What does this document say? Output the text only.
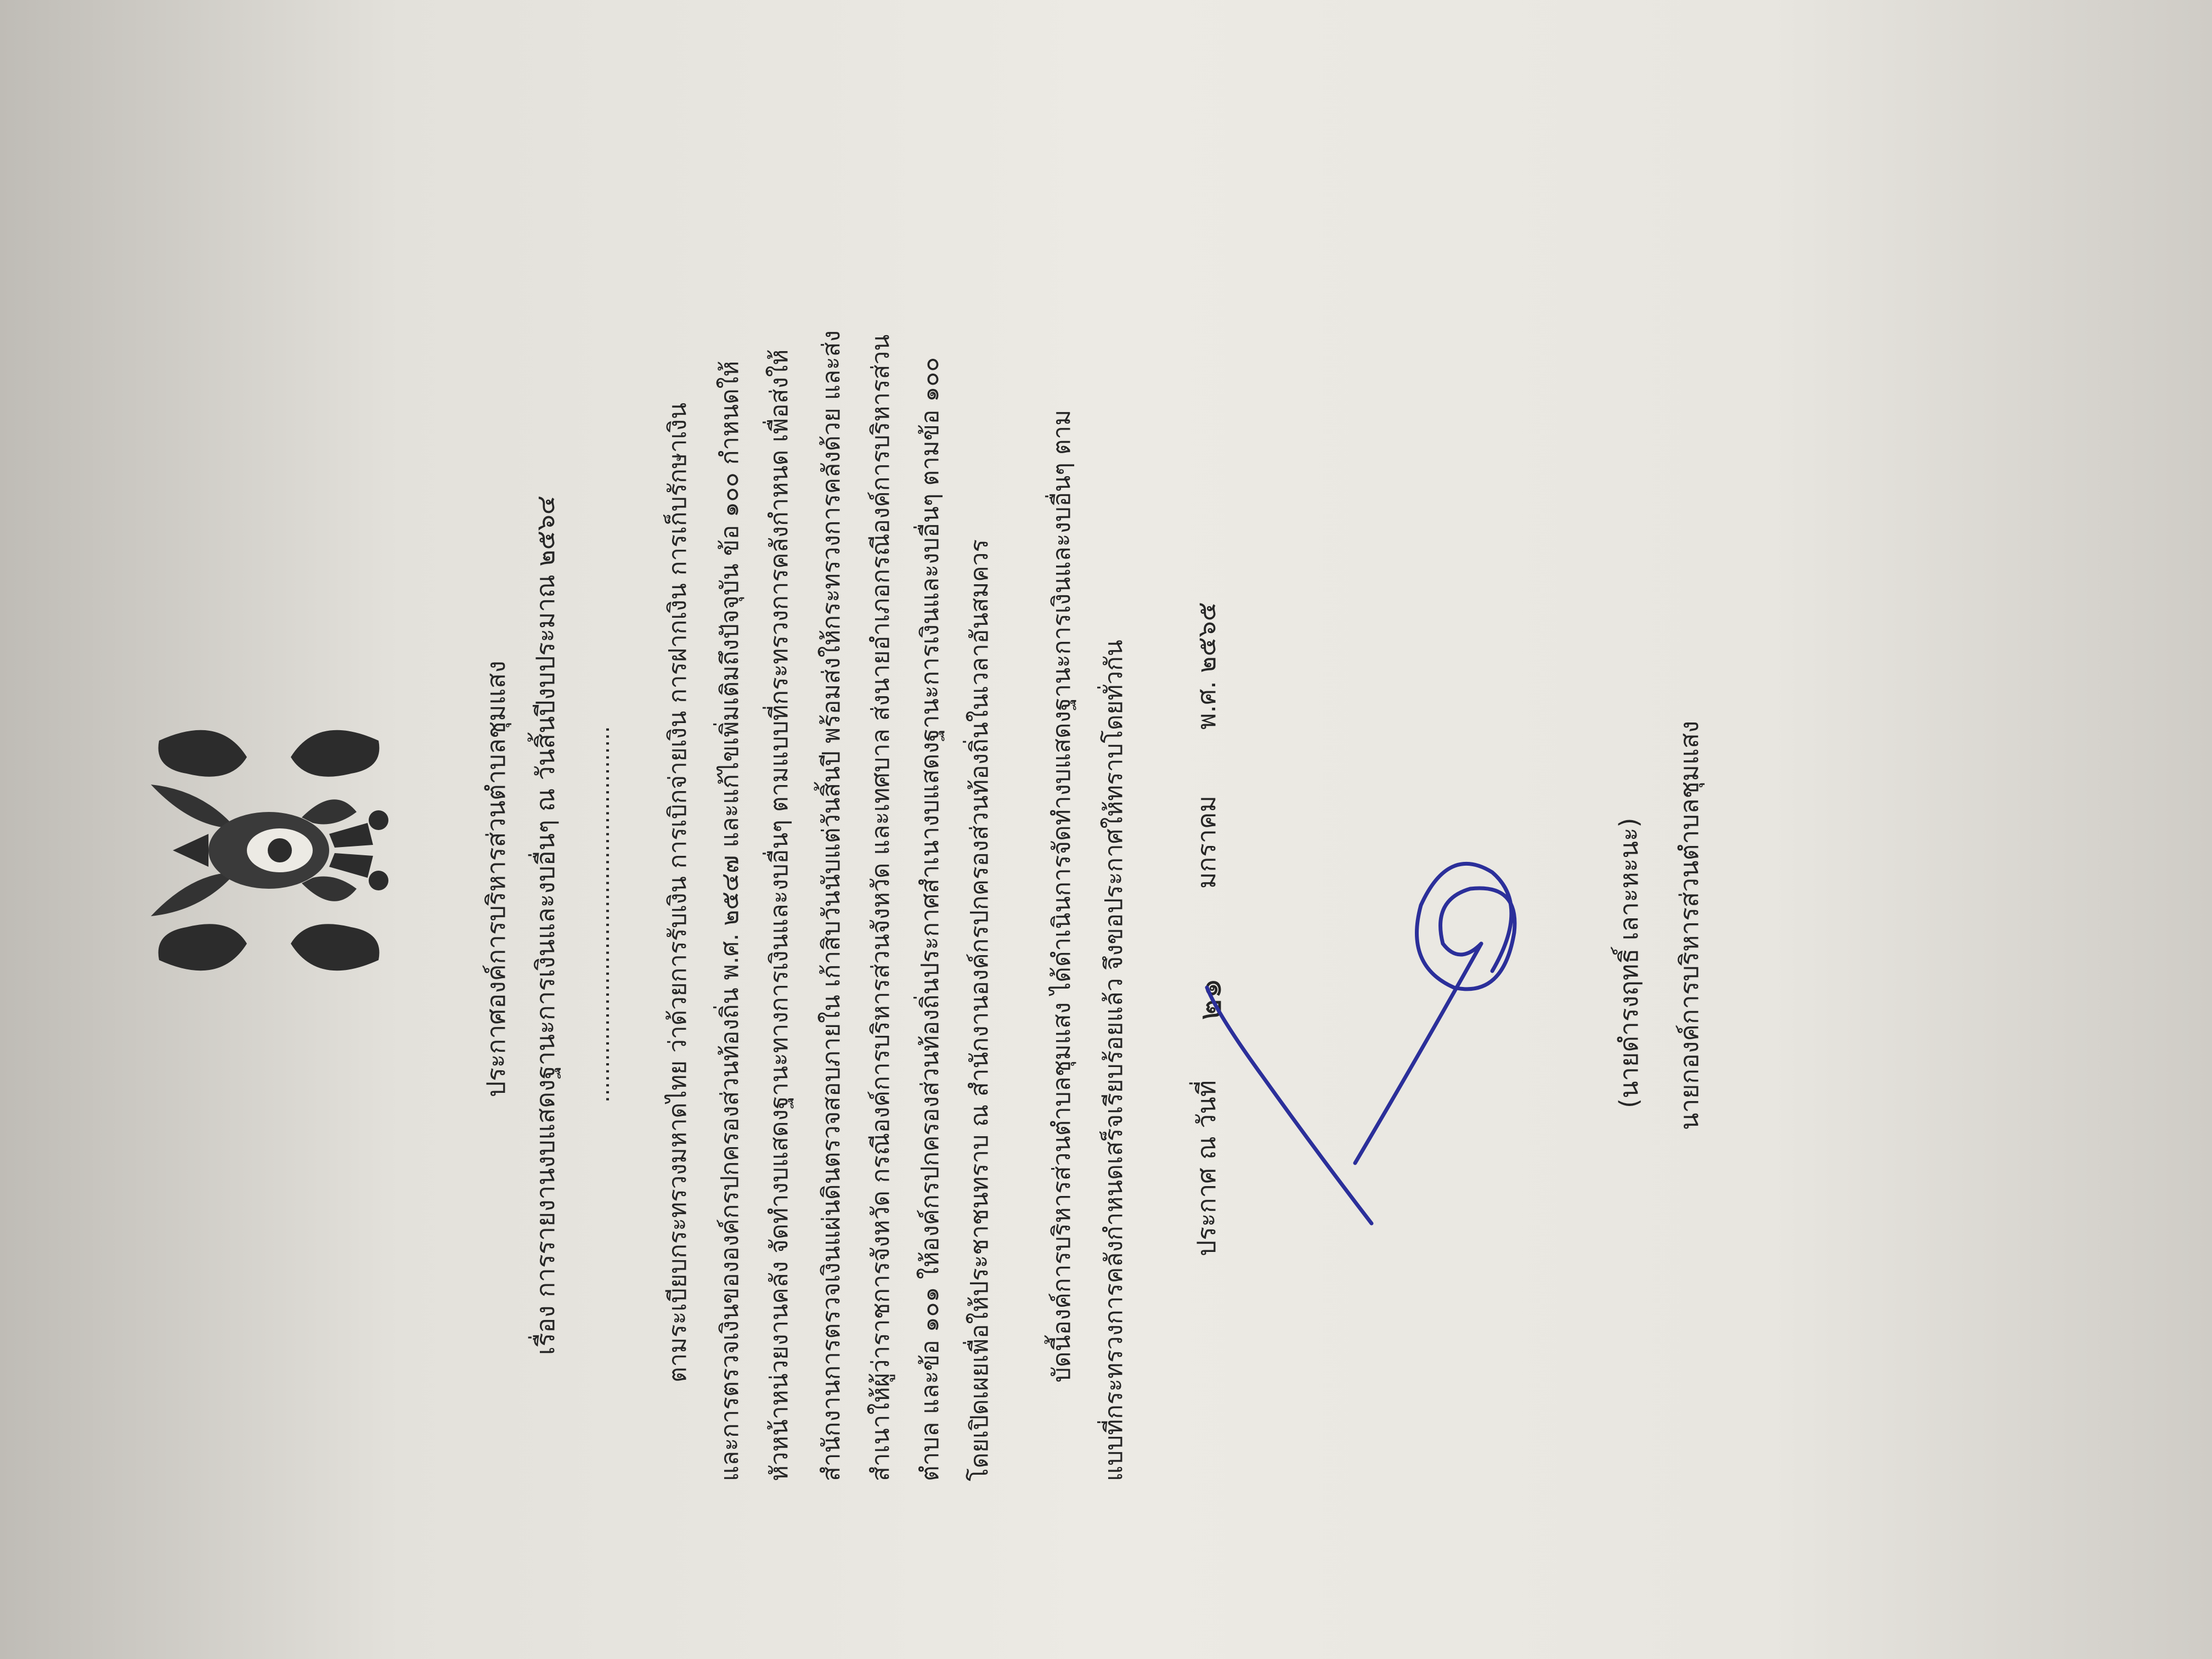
ประกาศองค์การบริหารส่วนตำบลชุมแสง เรื่อง การรายงานงบแสดงฐานะการเงินและงบอื่นๆ ณ วันสิ้นปีงบประมาณ ๒๕๖๔ ...................................................... ตามระเบียบกระทรวงมหาดไทย ว่าด้วยการรับเงิน การเบิกจ่ายเงิน การฝากเงิน การเก็บรักษาเงิน และการตรวจเงินขององค์กรปกครองส่วนท้องถิ่น พ.ศ. ๒๕๔๗ และแก้ไขเพิ่มเติมถึงปัจจุบัน ข้อ ๑๐๐ กำหนดให้ หัวหน้าหน่วยงานคลัง จัดทำงบแสดงฐานะทางการเงินและงบอื่นๆ ตามแบบที่กระทรวงการคลังกำหนด เพื่อส่งให้ สำนักงานการตรวจเงินแผ่นดินตรวจสอบภายใน เก้าสิบวันนับแต่วันสิ้นปี พร้อมส่งให้กระทรวงการคลังด้วย และส่ง สำเนาให้ผู้ว่าราชการจังหวัด กรณีองค์การบริหารส่วนจังหวัด และเทศบาล ส่งนายอำเภอกรณีองค์การบริหารส่วน ตำบล และข้อ ๑๐๑ ให้องค์กรปกครองส่วนท้องถิ่นประกาศสำเนางบแสดงฐานะการเงินและงบอื่นๆ ตามข้อ ๑๐๐ โดยเปิดเผยเพื่อให้ประชาชนทราบ ณ สำนักงานองค์กรปกครองส่วนท้องถิ่นในเวลาอันสมควร บัดนี้องค์การบริหารส่วนตำบลชุมแสง ได้ดำเนินการจัดทำงบแสดงฐานะการเงินและงบอื่นๆ ตาม แบบที่กระทรวงการคลังกำหนดเสร็จเรียบร้อยแล้ว จึงขอประกาศให้ทราบโดยทั่วกัน	ประกาศ ณ วันที่
๒๑
มกราคม
พ.ศ. ๒๕๖๕
(นายดำรงฤทธิ์ เลาะหะนะ) นายกองค์การบริหารส่วนตำบลชุมแสง
